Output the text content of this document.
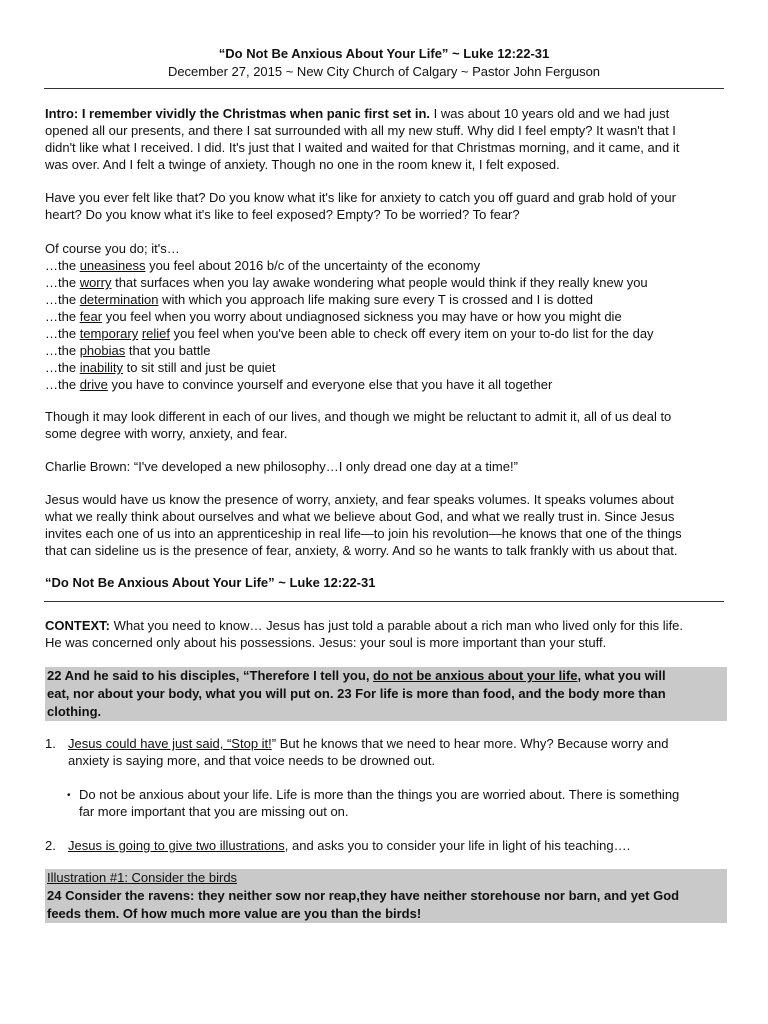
“Do Not Be Anxious About Your Life” ~ Luke 12:22-31
December 27, 2015 ~ New City Church of Calgary ~ Pastor John Ferguson
Intro: I remember vividly the Christmas when panic first set in. I was about 10 years old and we had just
opened all our presents, and there I sat surrounded with all my new stuff. Why did I feel empty? It wasn't that I
didn't like what I received. I did. It's just that I waited and waited for that Christmas morning, and it came, and it
was over. And I felt a twinge of anxiety. Though no one in the room knew it, I felt exposed.
Have you ever felt like that? Do you know what it's like for anxiety to catch you off guard and grab hold of your
heart? Do you know what it's like to feel exposed? Empty? To be worried? To fear?
Of course you do; it's…
…the uneasiness you feel about 2016 b/c of the uncertainty of the economy
…the worry that surfaces when you lay awake wondering what people would think if they really knew you
…the determination with which you approach life making sure every T is crossed and I is dotted
…the fear you feel when you worry about undiagnosed sickness you may have or how you might die
…the temporary relief you feel when you've been able to check off every item on your to-do list for the day
…the phobias that you battle
…the inability to sit still and just be quiet
…the drive you have to convince yourself and everyone else that you have it all together
Though it may look different in each of our lives, and though we might be reluctant to admit it, all of us deal to
some degree with worry, anxiety, and fear.
Charlie Brown: “I've developed a new philosophy…I only dread one day at a time!”
Jesus would have us know the presence of worry, anxiety, and fear speaks volumes. It speaks volumes about
what we really think about ourselves and what we believe about God, and what we really trust in. Since Jesus
invites each one of us into an apprenticeship in real life—to join his revolution—he knows that one of the things
that can sideline us is the presence of fear, anxiety, & worry. And so he wants to talk frankly with us about that.
“Do Not Be Anxious About Your Life” ~ Luke 12:22-31
CONTEXT: What you need to know… Jesus has just told a parable about a rich man who lived only for this life.
He was concerned only about his possessions. Jesus: your soul is more important than your stuff.
22 And he said to his disciples, “Therefore I tell you, do not be anxious about your life, what you will
eat, nor about your body, what you will put on. 23 For life is more than food, and the body more than
clothing.
1. Jesus could have just said, “Stop it!” But he knows that we need to hear more. Why? Because worry and
anxiety is saying more, and that voice needs to be drowned out.
• Do not be anxious about your life. Life is more than the things you are worried about. There is something
far more important that you are missing out on.
2. Jesus is going to give two illustrations, and asks you to consider your life in light of his teaching….
Illustration #1: Consider the birds
24 Consider the ravens: they neither sow nor reap,they have neither storehouse nor barn, and yet God
feeds them. Of how much more value are you than the birds!
